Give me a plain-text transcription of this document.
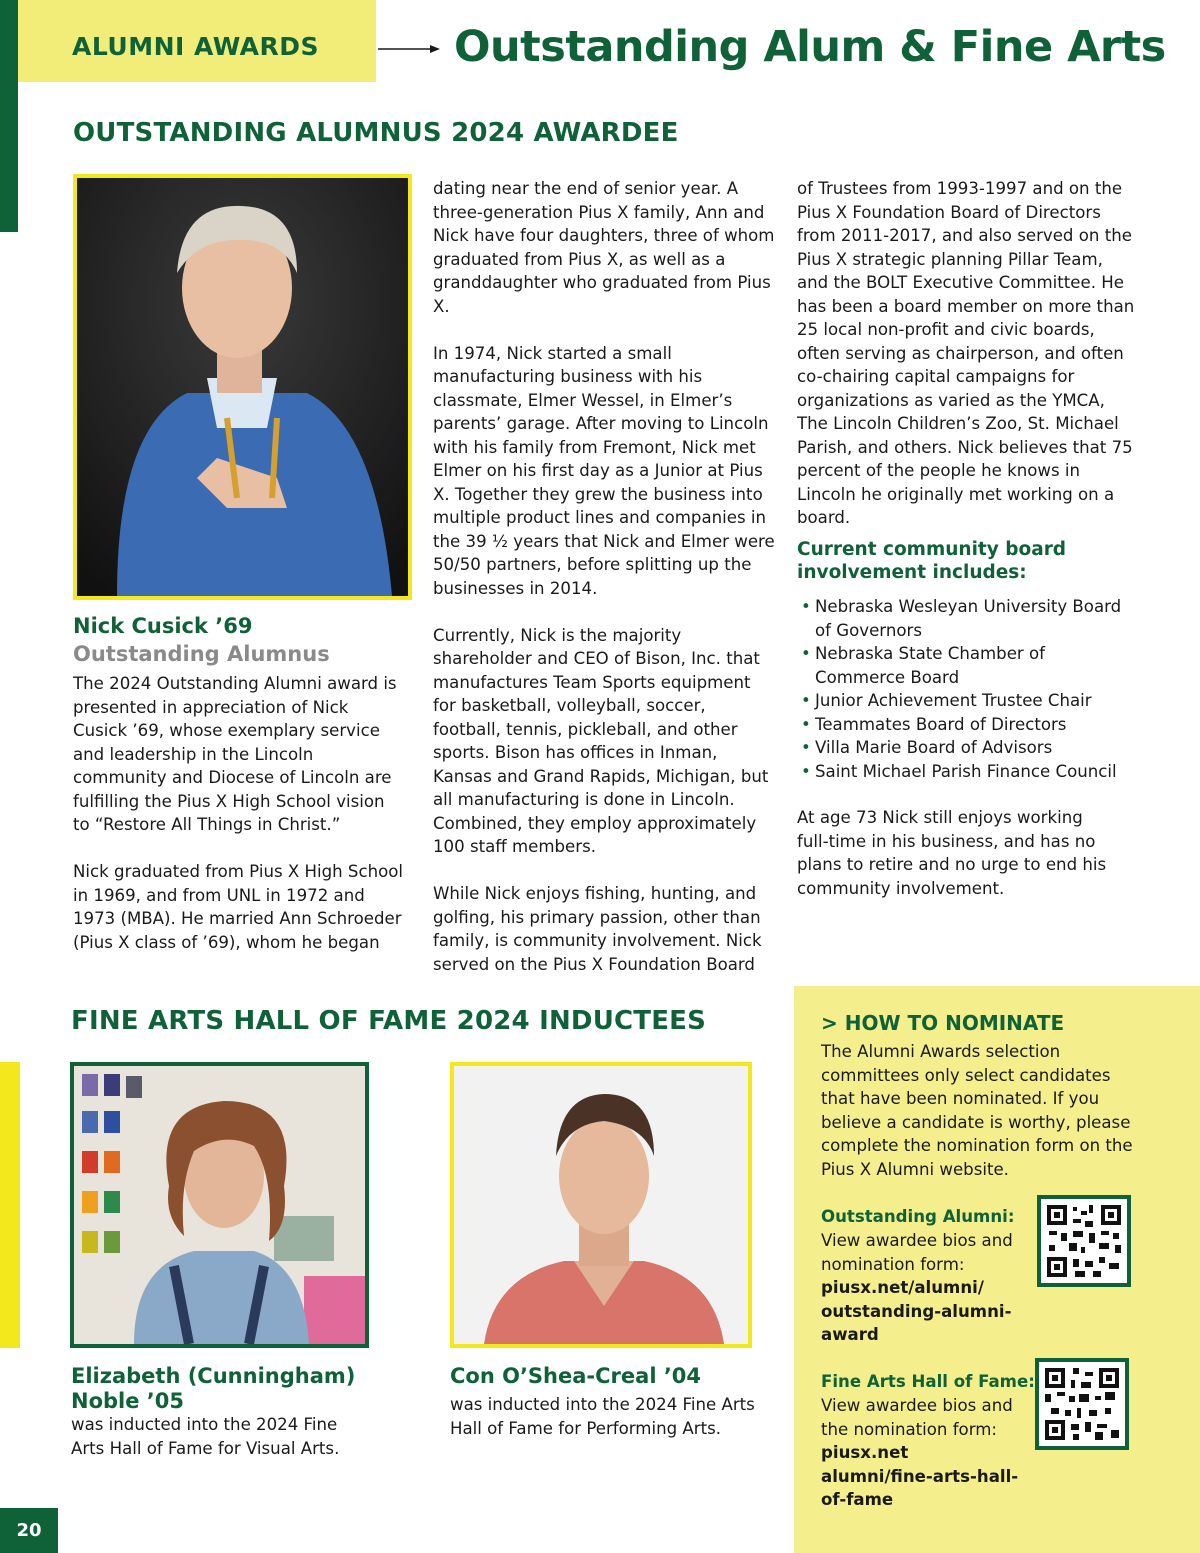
ALUMNI AWARDS	Outstanding Alum & Fine Arts
OUTSTANDING ALUMNUS 2024 AWARDEE
Nick Cusick ’69
Outstanding Alumnus

The 2024 Outstanding Alumni award is presented in appreciation of Nick Cusick ’69, whose exemplary service and leadership in the Lincoln community and Diocese of Lincoln are fulfilling the Pius X High School vision to “Restore All Things in Christ.”

Nick graduated from Pius X High School in 1969, and from UNL in 1972 and 1973 (MBA). He married Ann Schroeder (Pius X class of ’69), whom he began

dating near the end of senior year. A three-generation Pius X family, Ann and Nick have four daughters, three of whom graduated from Pius X, as well as a granddaughter who graduated from Pius X.

In 1974, Nick started a small manufacturing business with his classmate, Elmer Wessel, in Elmer’s parents’ garage. After moving to Lincoln with his family from Fremont, Nick met Elmer on his first day as a Junior at Pius X. Together they grew the business into multiple product lines and companies in the 39 ½ years that Nick and Elmer were 50/50 partners, before splitting up the businesses in 2014.

Currently, Nick is the majority shareholder and CEO of Bison, Inc. that manufactures Team Sports equipment for basketball, volleyball, soccer, football, tennis, pickleball, and other sports. Bison has offices in Inman, Kansas and Grand Rapids, Michigan, but all manufacturing is done in Lincoln. Combined, they employ approximately 100 staff members.

While Nick enjoys fishing, hunting, and golfing, his primary passion, other than family, is community involvement. Nick served on the Pius X Foundation Board

of Trustees from 1993-1997 and on the Pius X Foundation Board of Directors from 2011-2017, and also served on the Pius X strategic planning Pillar Team, and the BOLT Executive Committee. He has been a board member on more than 25 local non-profit and civic boards, often serving as chairperson, and often co-chairing capital campaigns for organizations as varied as the YMCA, The Lincoln Children’s Zoo, St. Michael Parish, and others. Nick believes that 75 percent of the people he knows in Lincoln he originally met working on a board.

Current community board involvement includes:
• Nebraska Wesleyan University Board of Governors
• Nebraska State Chamber of Commerce Board
• Junior Achievement Trustee Chair
• Teammates Board of Directors
• Villa Marie Board of Advisors
• Saint Michael Parish Finance Council
At age 73 Nick still enjoys working full-time in his business, and has no plans to retire and no urge to end his community involvement.
FINE ARTS HALL OF FAME 2024 INDUCTEES
Elizabeth (Cunningham) Noble ’05
was inducted into the 2024 Fine Arts Hall of Fame for Visual Arts.
Con O’Shea-Creal ’04
was inducted into the 2024 Fine Arts Hall of Fame for Performing Arts.
> HOW TO NOMINATE
The Alumni Awards selection committees only select candidates that have been nominated. If you believe a candidate is worthy, please complete the nomination form on the Pius X Alumni website.
Outstanding Alumni:
View awardee bios and nomination form:
piusx.net/alumni/ outstanding-alumni-award
Fine Arts Hall of Fame:
View awardee bios and the nomination form:
piusx.net alumni/fine-arts-hall-of-fame
20
